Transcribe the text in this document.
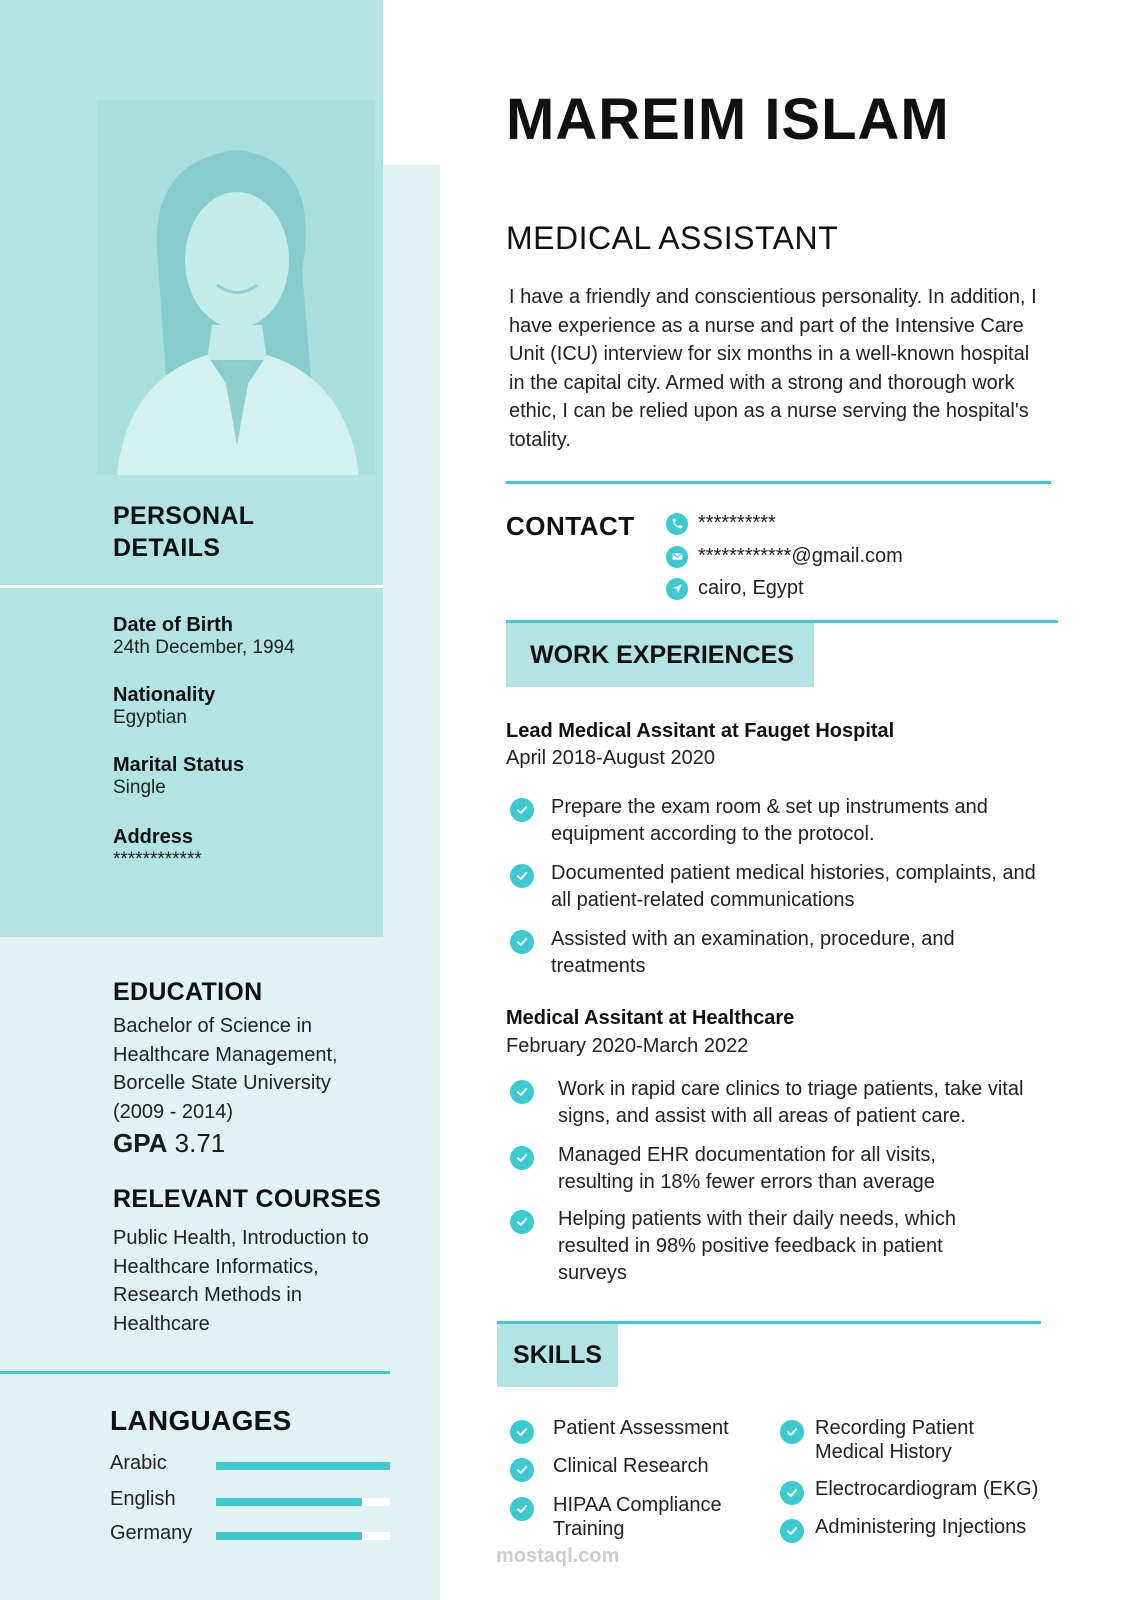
PERSONAL DETAILS
Date of Birth
24th December, 1994
Nationality
Egyptian
Marital Status
Single
Address
************
EDUCATION
Bachelor of Science in Healthcare Management, Borcelle State University (2009 - 2014)
GPA 3.71
RELEVANT COURSES
Public Health, Introduction to Healthcare Informatics, Research Methods in Healthcare
LANGUAGES
Arabic
English
Germany
MAREIM ISLAM
MEDICAL ASSISTANT
I have a friendly and conscientious personality. In addition, I have experience as a nurse and part of the Intensive Care Unit (ICU) interview for six months in a well-known hospital in the capital city. Armed with a strong and thorough work ethic, I can be relied upon as a nurse serving the hospital's totality.
CONTACT	**********
************@gmail.com
cairo, Egypt
WORK EXPERIENCES
Lead Medical Assitant at Fauget Hospital
April 2018-August 2020
Prepare the exam room & set up instruments and equipment according to the protocol.
Documented patient medical histories, complaints, and all patient-related communications
Assisted with an examination, procedure, and treatments
Medical Assitant at Healthcare
February 2020-March 2022
Work in rapid care clinics to triage patients, take vital signs, and assist with all areas of patient care.
Managed EHR documentation for all visits, resulting in 18% fewer errors than average
Helping patients with their daily needs, which resulted in 98% positive feedback in patient surveys
SKILLS
Patient Assessment
Clinical Research
HIPAA Compliance Training
Recording Patient Medical History
Electrocardiogram (EKG)
Administering Injections
mostaql.com
